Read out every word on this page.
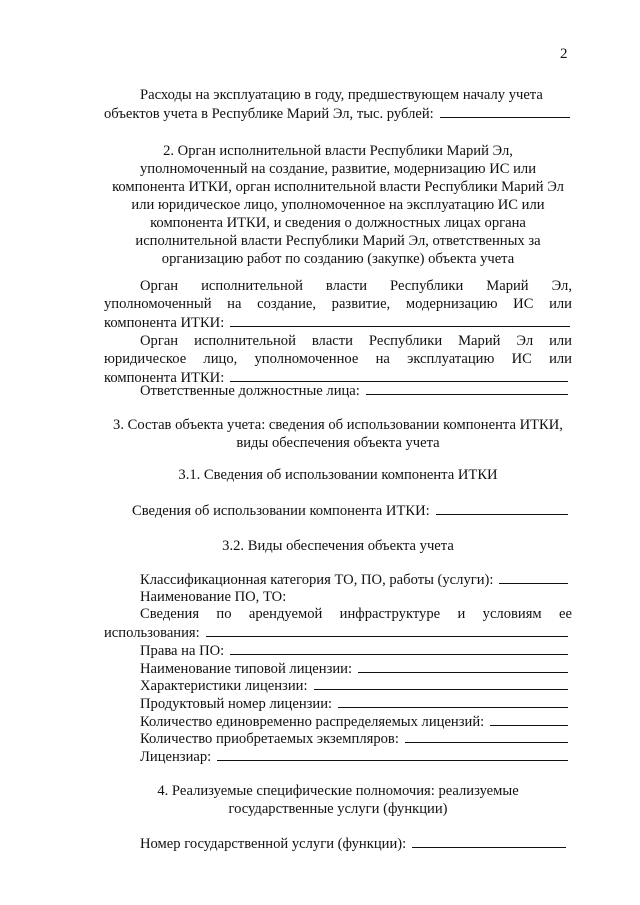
2
Расходы на эксплуатацию в году, предшествующем началу учета
объектов учета в Республике Марий Эл, тыс. рублей:
2. Орган исполнительной власти Республики Марий Эл,
уполномоченный на создание, развитие, модернизацию ИС или
компонента ИТКИ, орган исполнительной власти Республики Марий Эл
или юридическое лицо, уполномоченное на эксплуатацию ИС или
компонента ИТКИ, и сведения о должностных лицах органа
исполнительной власти Республики Марий Эл, ответственных за
организацию работ по созданию (закупке) объекта учета
Орган исполнительной власти Республики Марий Эл,
уполномоченный на создание, развитие, модернизацию ИС или
компонента ИТКИ:
Орган исполнительной власти Республики Марий Эл или
юридическое лицо, уполномоченное на эксплуатацию ИС или
компонента ИТКИ:
Ответственные должностные лица:
3. Состав объекта учета: сведения об использовании компонента ИТКИ,
виды обеспечения объекта учета
3.1. Сведения об использовании компонента ИТКИ
Сведения об использовании компонента ИТКИ:
3.2. Виды обеспечения объекта учета
Классификационная категория ТО, ПО, работы (услуги):
Наименование ПО, ТО:
Сведения по арендуемой инфраструктуре и условиям ее
использования:
Права на ПО:
Наименование типовой лицензии:
Характеристики лицензии:
Продуктовый номер лицензии:
Количество единовременно распределяемых лицензий:
Количество приобретаемых экземпляров:
Лицензиар:
4. Реализуемые специфические полномочия: реализуемые
государственные услуги (функции)
Номер государственной услуги (функции):
